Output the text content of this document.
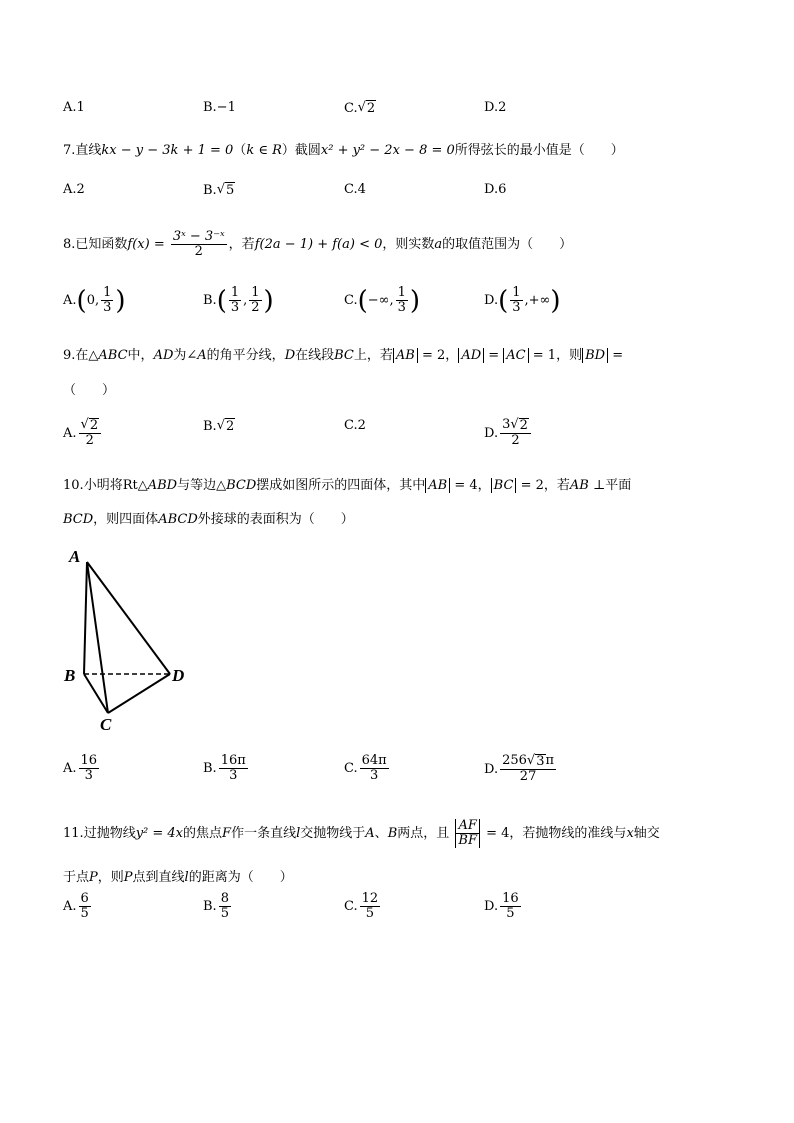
A.1	B.−1	C. √ 2	D.2
7.直线kx − y − 3k + 1 = 0（k ∈ R）截圆x² + y² − 2x − 8 = 0所得弦长的最小值是（　　）
A.2	B. √ 5	C.4	D.6
8.已知函数$f(x) = \frac{\text{3ˣ − 3⁻ˣ}}{2}$ ，若f(2a − 1) + f(a) < 0，则实数a的取值范围为（　　）
A. ( 0, $\frac{1}{3}$ )	B. ( $\frac{1}{3}$ , $\frac{1}{2}$ )	C. ( −∞, $\frac{1}{3}$ )	D. ( $\frac{1}{3}$ ,+∞ )
9.在△ABC中，AD为∠A的角平分线，D在线段BC上，若 AB = 2， AD = AC = 1，则 BD =
（　　）
A. $\frac{√ 2}{2}$	B. √ 2	C.2
D. $\frac{3 √ 2}{2}$
10.小明将Rt△ABD与等边△BCD摆成如图所示的四面体，其中 AB = 4， BC = 2，若AB ⊥平面
BCD，则四面体ABCD外接球的表面积为（　　）
A
B
C
D
A. $\frac{16}{3}$	B. $\frac{16\pi}{3}$	C. $\frac{64\pi}{3}$	D. $\frac{256 √ 3 \pi}{27}$
11.过抛物线y² = 4x的焦点F作一条直线l交抛物线于A、B两点，且 $\frac{AF}{BF} = 4$，若抛物线的准线与x轴交
于点P，则P点到直线l的距离为（　　）
A. $\frac{6}{5}$	B. $\frac{8}{5}$	C. $\frac{12}{5}$	D. $\frac{16}{5}$
